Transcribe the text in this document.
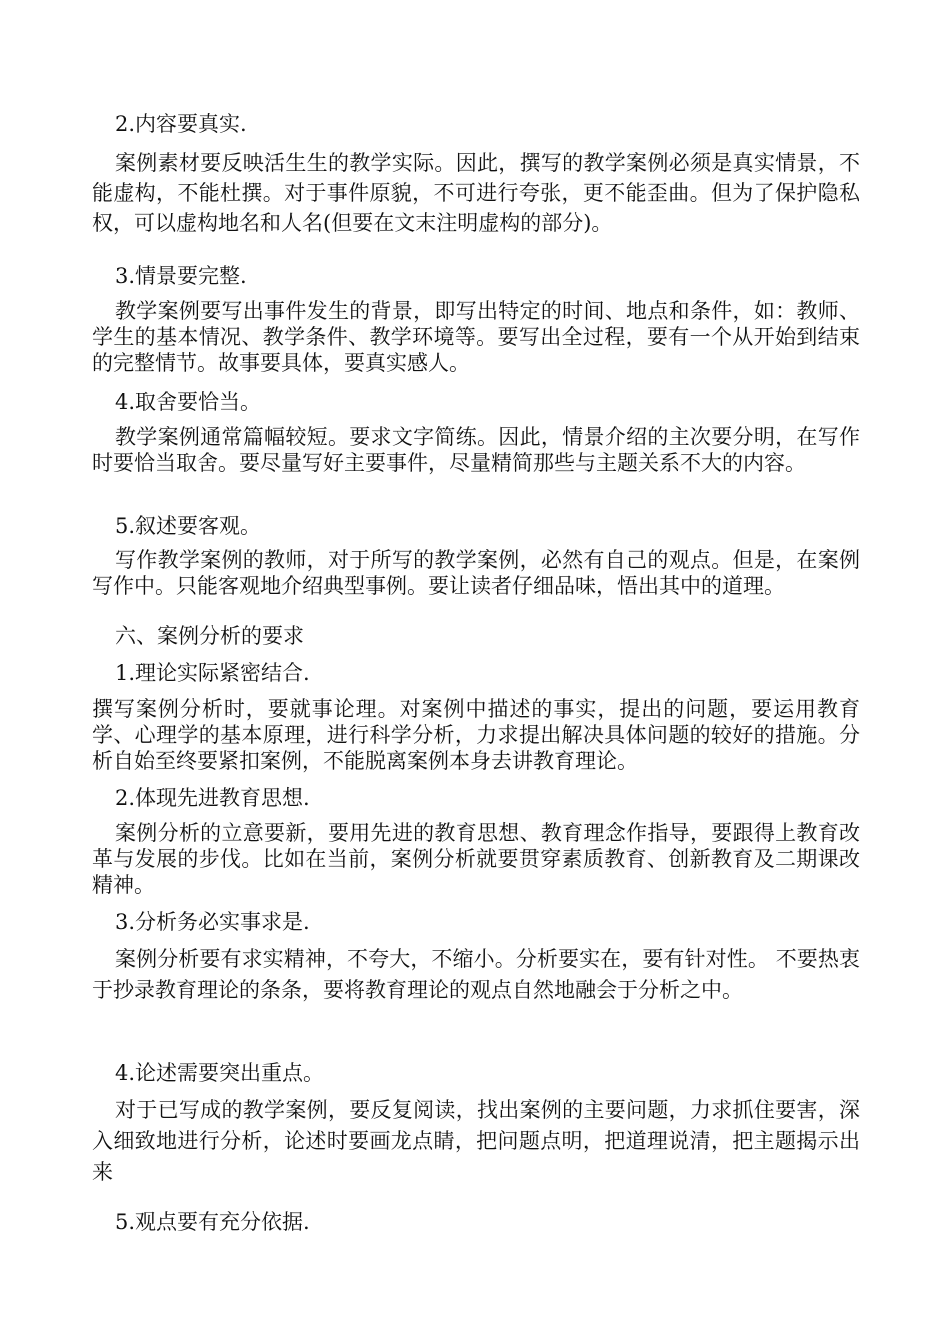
2.内容要真实.

案例素材要反映活生生的教学实际。因此，撰写的教学案例必须是真实情景，不能虚构，不能杜撰。对于事件原貌，不可进行夸张，更不能歪曲。但为了保护隐私权，可以虚构地名和人名(但要在文末注明虚构的部分)。

3.情景要完整.

教学案例要写出事件发生的背景，即写出特定的时间、地点和条件，如：教师、学生的基本情况、教学条件、教学环境等。要写出全过程，要有一个从开始到结束的完整情节。故事要具体，要真实感人。

4.取舍要恰当。

教学案例通常篇幅较短。要求文字简练。因此，情景介绍的主次要分明，在写作时要恰当取舍。要尽量写好主要事件，尽量精简那些与主题关系不大的内容。

5.叙述要客观。

写作教学案例的教师，对于所写的教学案例，必然有自己的观点。但是，在案例写作中。只能客观地介绍典型事例。要让读者仔细品味，悟出其中的道理。

六、案例分析的要求

1.理论实际紧密结合.

撰写案例分析时，要就事论理。对案例中描述的事实，提出的问题，要运用教育学、心理学的基本原理，进行科学分析，力求提出解决具体问题的较好的措施。分析自始至终要紧扣案例，不能脱离案例本身去讲教育理论。

2.体现先进教育思想.

案例分析的立意要新，要用先进的教育思想、教育理念作指导，要跟得上教育改革与发展的步伐。比如在当前，案例分析就要贯穿素质教育、创新教育及二期课改精神。

3.分析务必实事求是.

案例分析要有求实精神，不夸大，不缩小。分析要实在，要有针对性。 不要热衷于抄录教育理论的条条，要将教育理论的观点自然地融会于分析之中。

4.论述需要突出重点。

对于已写成的教学案例，要反复阅读，找出案例的主要问题，力求抓住要害，深入细致地进行分析，论述时要画龙点睛，把问题点明，把道理说清，把主题揭示出来

5.观点要有充分依据.
